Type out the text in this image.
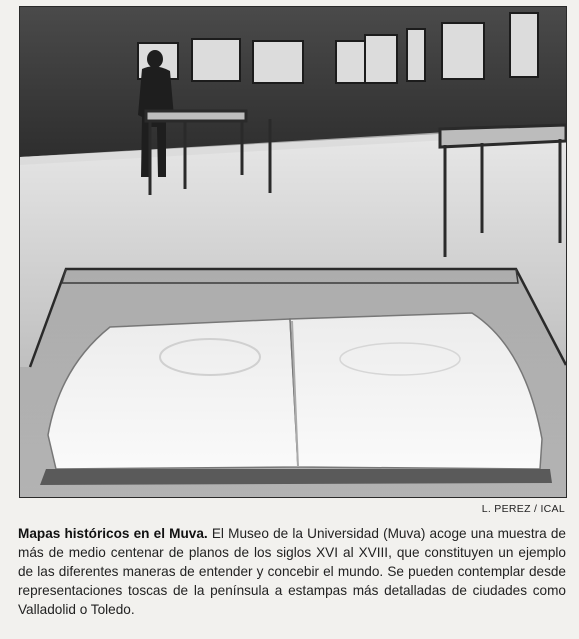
L. PEREZ / ICAL

Mapas históricos en el Muva. El Museo de la Universidad (Muva) acoge una muestra de más de medio centenar de planos de los siglos XVI al XVIII, que constituyen un ejemplo de las diferentes maneras de entender y concebir el mundo. Se pueden contemplar desde representaciones toscas de la península a estampas más detalladas de ciudades como Valladolid o Toledo.
